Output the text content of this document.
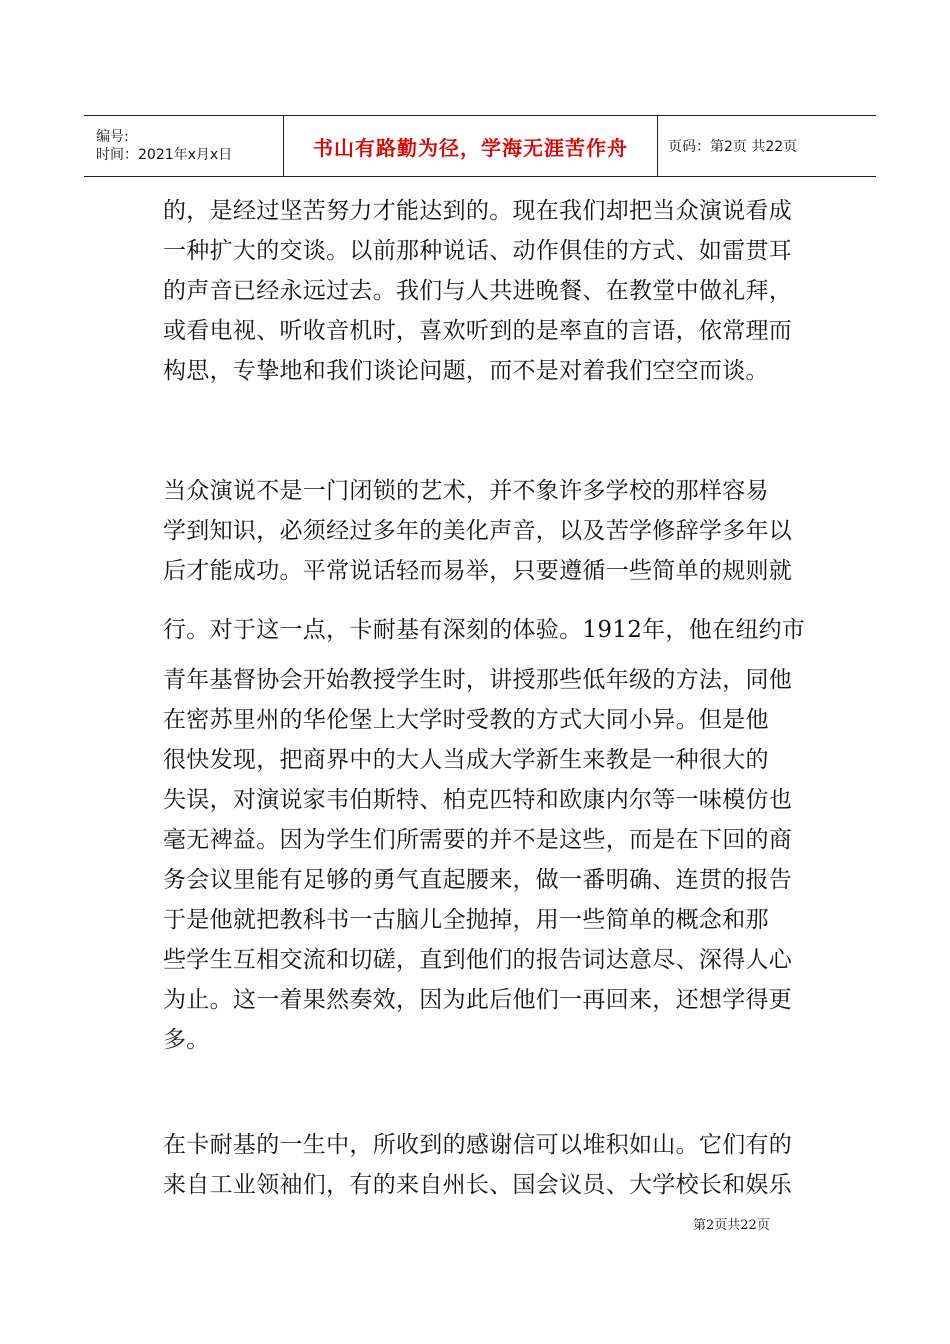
编号:
时间：2021年x月x日	书山有路勤为径，学海无涯苦作舟	页码：第2页 共22页
的，是经过坚苦努力才能达到的。现在我们却把当众演说看成
一种扩大的交谈。以前那种说话、动作俱佳的方式、如雷贯耳
的声音已经永远过去。我们与人共进晚餐、在教堂中做礼拜，
或看电视、听收音机时，喜欢听到的是率直的言语，依常理而
构思，专挚地和我们谈论问题，而不是对着我们空空而谈。
当众演说不是一门闭锁的艺术，并不象许多学校的那样容易
学到知识，必须经过多年的美化声音，以及苦学修辞学多年以
后才能成功。平常说话轻而易举，只要遵循一些简单的规则就
行。对于这一点，卡耐基有深刻的体验。1912年，他在纽约市
青年基督协会开始教授学生时，讲授那些低年级的方法，同他
在密苏里州的华伦堡上大学时受教的方式大同小异。但是他
很快发现，把商界中的大人当成大学新生来教是一种很大的
失误，对演说家韦伯斯特、柏克匹特和欧康内尔等一味模仿也
毫无裨益。因为学生们所需要的并不是这些，而是在下回的商
务会议里能有足够的勇气直起腰来，做一番明确、连贯的报告
于是他就把教科书一古脑儿全抛掉，用一些简单的概念和那
些学生互相交流和切磋，直到他们的报告词达意尽、深得人心
为止。这一着果然奏效，因为此后他们一再回来，还想学得更
多。
在卡耐基的一生中，所收到的感谢信可以堆积如山。它们有的
来自工业领袖们，有的来自州长、国会议员、大学校长和娱乐
第2页共22页
